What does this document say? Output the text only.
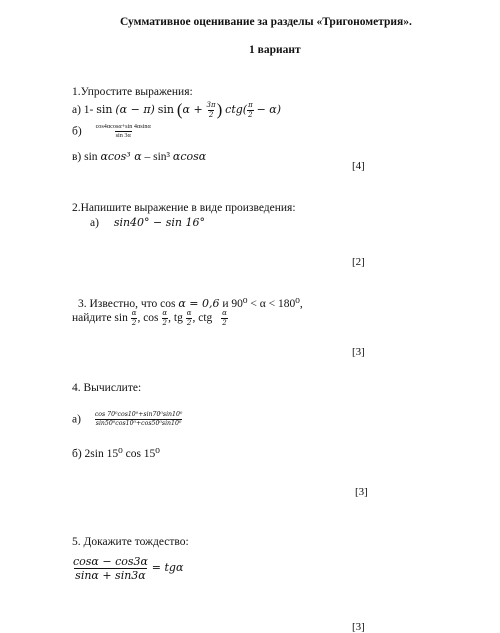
Суммативное оценивание за разделы «Тригонометрия».
1 вариант
1.Упростите выражения:
а) 1- sin (α − π) $\sin (\alpha + \frac{3\pi}{2}$ ) $ctg( \frac{\pi}{2} - \alpha)$
$б) \frac{\cos 4\alpha\cos\alpha+\sin 4\alpha\sin\alpha}{\sin 3\alpha}$
в) sin αcos³ α – sin³ αcosα
[4]
2.Напишите выражение в виде произведения:
а) sin40° − sin 16°
[2]
3. Известно, что cos α = 0,6 и 90⁰ < α < 180⁰,
найдите $\sin \frac{\alpha}{2}$ , $\cos \frac{\alpha}{2}$ , tg $\frac{\alpha}{2}$ , ctg $\frac{\alpha}{2}$
[3]
4. Вычислите:
$а) \frac{\text{cos 70⁰cos10⁰+sin70⁰sin10⁰}}{\text{sin50⁰cos10⁰+cos50⁰sin10⁰}}$
б) 2sin 15⁰ cos 15⁰
[3]
5. Докажите тождество:
$\frac{\cos\alpha - \cos 3\alpha}{\sin\alpha + \sin 3\alpha} = tg\alpha$
[3]
